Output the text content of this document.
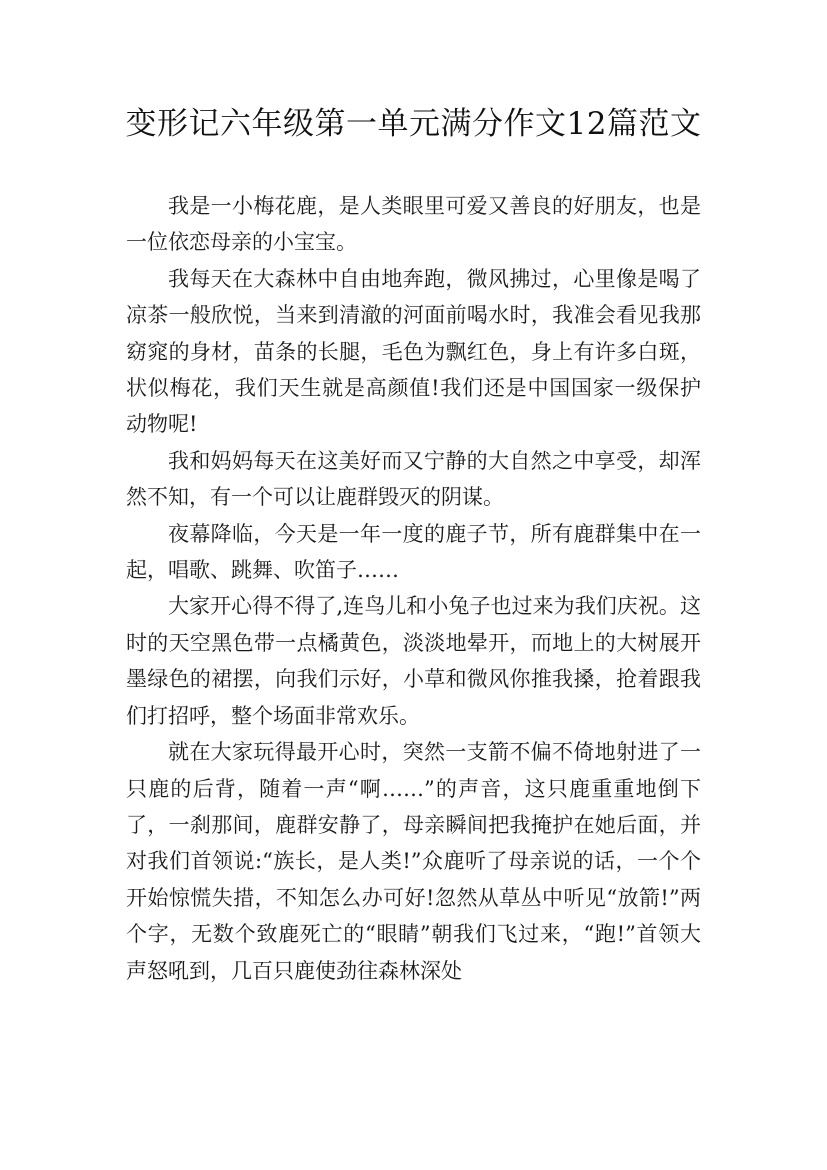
变形记六年级第一单元满分作文12篇范文

我是一小梅花鹿，是人类眼里可爱又善良的好朋友，也是一位依恋母亲的小宝宝。

我每天在大森林中自由地奔跑，微风拂过，心里像是喝了凉茶一般欣悦，当来到清澈的河面前喝水时，我准会看见我那窈窕的身材，苗条的长腿，毛色为飘红色，身上有许多白斑，状似梅花，我们天生就是高颜值!我们还是中国国家一级保护动物呢!

我和妈妈每天在这美好而又宁静的大自然之中享受，却浑然不知，有一个可以让鹿群毁灭的阴谋。

夜幕降临，今天是一年一度的鹿子节，所有鹿群集中在一起，唱歌、跳舞、吹笛子……

大家开心得不得了,连鸟儿和小兔子也过来为我们庆祝。这时的天空黑色带一点橘黄色，淡淡地晕开，而地上的大树展开墨绿色的裙摆，向我们示好，小草和微风你推我搡，抢着跟我们打招呼，整个场面非常欢乐。

就在大家玩得最开心时，突然一支箭不偏不倚地射进了一只鹿的后背，随着一声“啊……”的声音，这只鹿重重地倒下了，一刹那间，鹿群安静了，母亲瞬间把我掩护在她后面，并对我们首领说:“族长，是人类!”众鹿听了母亲说的话，一个个开始惊慌失措，不知怎么办可好!忽然从草丛中听见“放箭!”两个字，无数个致鹿死亡的“眼睛”朝我们飞过来，“跑!”首领大声怒吼到，几百只鹿使劲往森林深处
